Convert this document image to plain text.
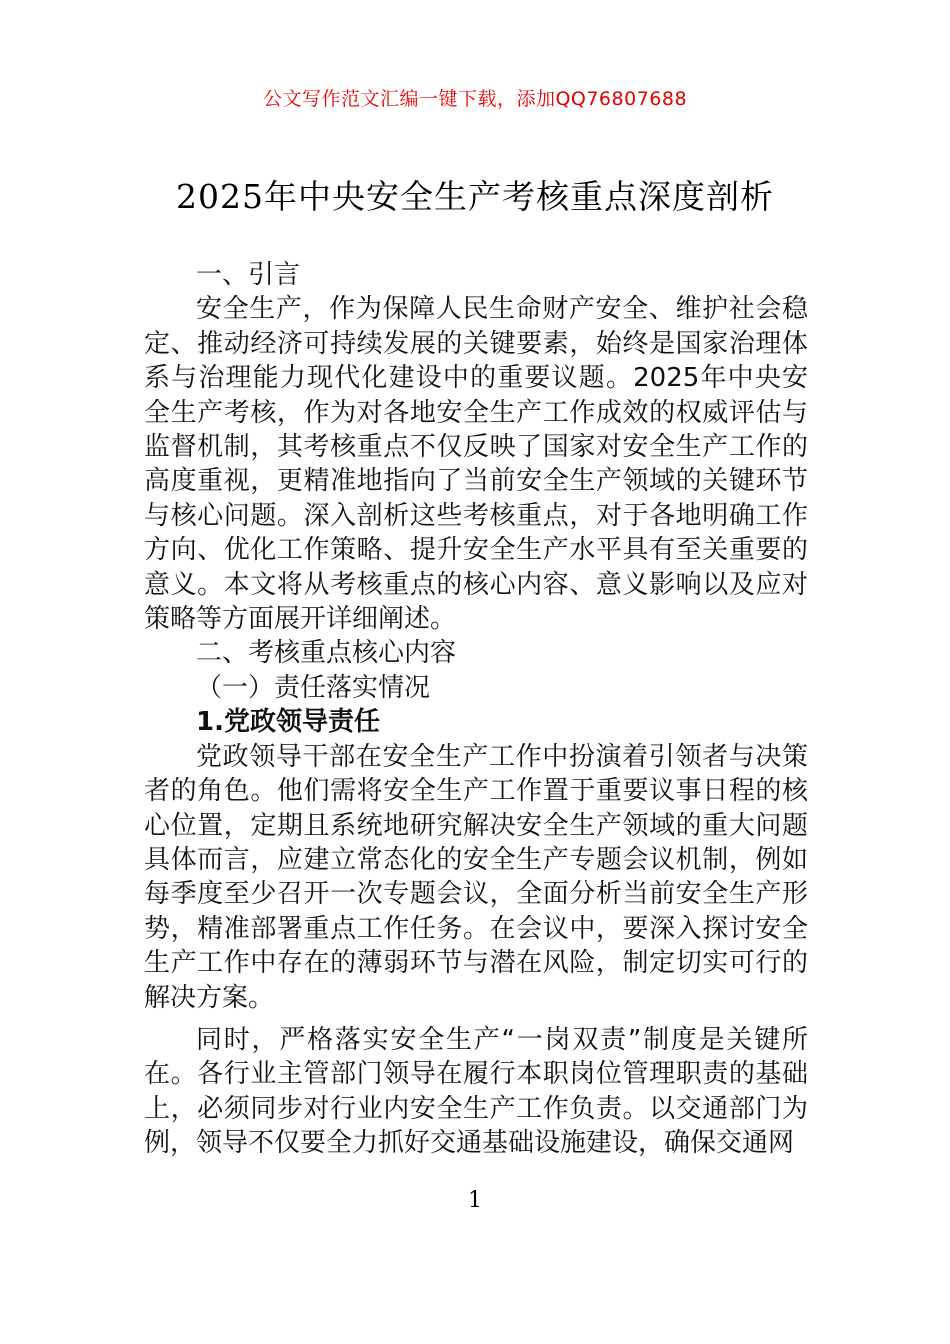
公文写作范文汇编一键下载，添加QQ76807688
2025年中央安全生产考核重点深度剖析

一、引言

安全生产，作为保障人民生命财产安全、维护社会稳定、推动经济可持续发展的关键要素，始终是国家治理体系与治理能力现代化建设中的重要议题。2025年中央安全生产考核，作为对各地安全生产工作成效的权威评估与监督机制，其考核重点不仅反映了国家对安全生产工作的高度重视，更精准地指向了当前安全生产领域的关键环节与核心问题。深入剖析这些考核重点，对于各地明确工作方向、优化工作策略、提升安全生产水平具有至关重要的意义。本文将从考核重点的核心内容、意义影响以及应对策略等方面展开详细阐述。

二、考核重点核心内容

（一）责任落实情况

1.党政领导责任

党政领导干部在安全生产工作中扮演着引领者与决策者的角色。他们需将安全生产工作置于重要议事日程的核心位置，定期且系统地研究解决安全生产领域的重大问题具体而言，应建立常态化的安全生产专题会议机制，例如每季度至少召开一次专题会议，全面分析当前安全生产形势，精准部署重点工作任务。在会议中，要深入探讨安全生产工作中存在的薄弱环节与潜在风险，制定切实可行的解决方案。

同时，严格落实安全生产“一岗双责”制度是关键所在。各行业主管部门领导在履行本职岗位管理职责的基础上，必须同步对行业内安全生产工作负责。以交通部门为例，领导不仅要全力抓好交通基础设施建设，确保交通网

1
